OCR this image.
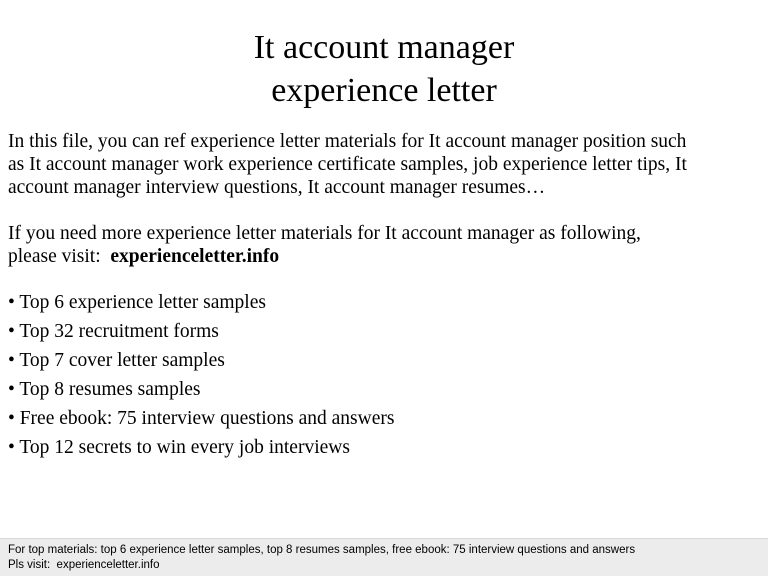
It account manager
experience letter

In this file, you can ref experience letter materials for It account manager position such
as It account manager work experience certificate samples, job experience letter tips, It
account manager interview questions, It account manager resumes…

If you need more experience letter materials for It account manager as following,
please visit:  experienceletter.info

• Top 6 experience letter samples
• Top 32 recruitment forms
• Top 7 cover letter samples
• Top 8 resumes samples
• Free ebook: 75 interview questions and answers
• Top 12 secrets to win every job interviews
For top materials: top 6 experience letter samples, top 8 resumes samples, free ebook: 75 interview questions and answers
Pls visit:  experienceletter.info
